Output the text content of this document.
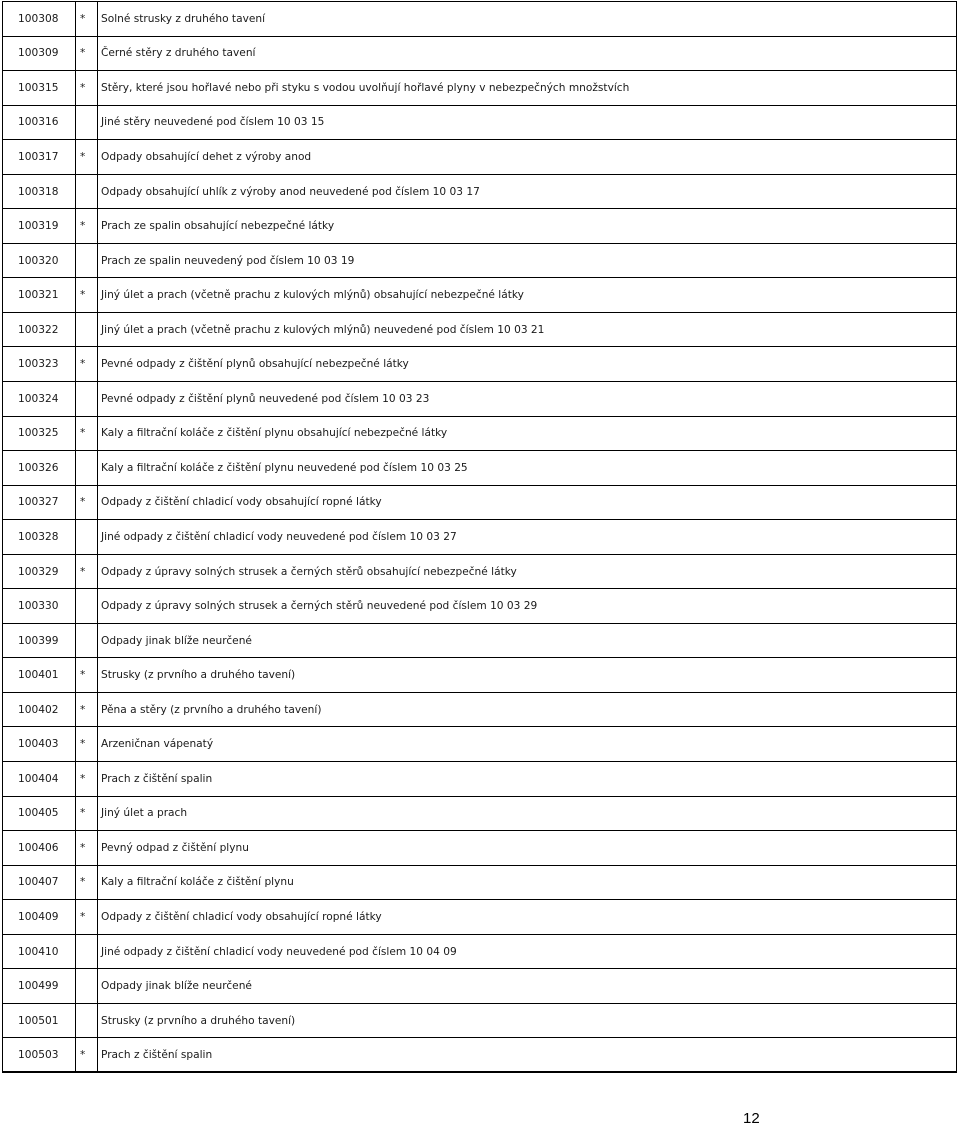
100308	*	Solné strusky z druhého tavení
100309	*	Černé stěry z druhého tavení
100315	*	Stěry, které jsou hořlavé nebo při styku s vodou uvolňují hořlavé plyny v nebezpečných množstvích
100316		Jiné stěry neuvedené pod číslem 10 03 15
100317	*	Odpady obsahující dehet z výroby anod
100318		Odpady obsahující uhlík z výroby anod neuvedené pod číslem 10 03 17
100319	*	Prach ze spalin obsahující nebezpečné látky
100320		Prach ze spalin neuvedený pod číslem 10 03 19
100321	*	Jiný úlet a prach (včetně prachu z kulových mlýnů) obsahující nebezpečné látky
100322		Jiný úlet a prach (včetně prachu z kulových mlýnů) neuvedené pod číslem 10 03 21
100323	*	Pevné odpady z čištění plynů obsahující nebezpečné látky
100324		Pevné odpady z čištění plynů neuvedené pod číslem 10 03 23
100325	*	Kaly a filtrační koláče z čištění plynu obsahující nebezpečné látky
100326		Kaly a filtrační koláče z čištění plynu neuvedené pod číslem 10 03 25
100327	*	Odpady z čištění chladicí vody obsahující ropné látky
100328		Jiné odpady z čištění chladicí vody neuvedené pod číslem 10 03 27
100329	*	Odpady z úpravy solných strusek a černých stěrů obsahující nebezpečné látky
100330		Odpady z úpravy solných strusek a černých stěrů neuvedené pod číslem 10 03 29
100399		Odpady jinak blíže neurčené
100401	*	Strusky (z prvního a druhého tavení)
100402	*	Pěna a stěry (z prvního a druhého tavení)
100403	*	Arzeničnan vápenatý
100404	*	Prach z čištění spalin
100405	*	Jiný úlet a prach
100406	*	Pevný odpad z čištění plynu
100407	*	Kaly a filtrační koláče z čištění plynu
100409	*	Odpady z čištění chladicí vody obsahující ropné látky
100410		Jiné odpady z čištění chladicí vody neuvedené pod číslem 10 04 09
100499		Odpady jinak blíže neurčené
100501		Strusky (z prvního a druhého tavení)
100503	*	Prach z čištění spalin
12
